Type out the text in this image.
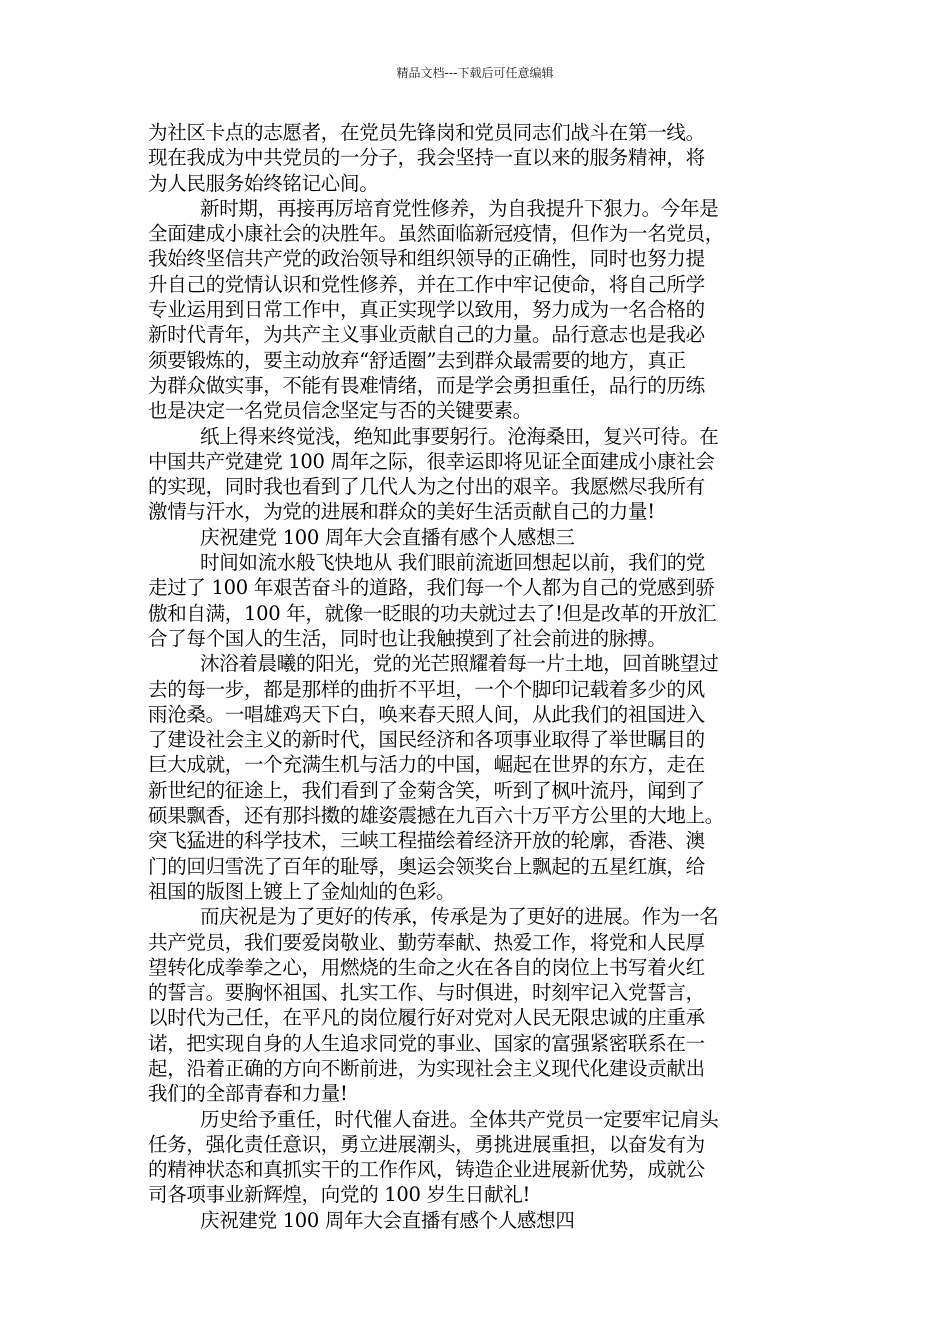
精品文档---下载后可任意编辑
为社区卡点的志愿者，在党员先锋岗和党员同志们战斗在第一线。
现在我成为中共党员的一分子，我会坚持一直以来的服务精神，将
为人民服务始终铭记心间。
新时期，再接再厉培育党性修养，为自我提升下狠力。今年是
全面建成小康社会的决胜年。虽然面临新冠疫情，但作为一名党员，
我始终坚信共产党的政治领导和组织领导的正确性，同时也努力提
升自己的党情认识和党性修养，并在工作中牢记使命，将自己所学
专业运用到日常工作中，真正实现学以致用，努力成为一名合格的
新时代青年，为共产主义事业贡献自己的力量。品行意志也是我必
须要锻炼的，要主动放弃“舒适圈”去到群众最需要的地方，真正
为群众做实事，不能有畏难情绪，而是学会勇担重任，品行的历练
也是决定一名党员信念坚定与否的关键要素。
纸上得来终觉浅，绝知此事要躬行。沧海桑田，复兴可待。在
中国共产党建党 100 周年之际，很幸运即将见证全面建成小康社会
的实现，同时我也看到了几代人为之付出的艰辛。我愿燃尽我所有
激情与汗水，为党的进展和群众的美好生活贡献自己的力量!
庆祝建党 100 周年大会直播有感个人感想三
时间如流水般飞快地从 我们眼前流逝回想起以前，我们的党
走过了 100 年艰苦奋斗的道路，我们每一个人都为自己的党感到骄
傲和自满，100 年，就像一眨眼的功夫就过去了!但是改革的开放汇
合了每个国人的生活，同时也让我触摸到了社会前进的脉搏。
沐浴着晨曦的阳光，党的光芒照耀着每一片土地，回首眺望过
去的每一步，都是那样的曲折不平坦，一个个脚印记载着多少的风
雨沧桑。一唱雄鸡天下白，唤来春天照人间，从此我们的祖国进入
了建设社会主义的新时代，国民经济和各项事业取得了举世瞩目的
巨大成就，一个充满生机与活力的中国，崛起在世界的东方，走在
新世纪的征途上，我们看到了金菊含笑，听到了枫叶流丹，闻到了
硕果飘香，还有那抖擞的雄姿震撼在九百六十万平方公里的大地上。
突飞猛进的科学技术，三峡工程描绘着经济开放的轮廓，香港、澳
门的回归雪洗了百年的耻辱，奥运会领奖台上飘起的五星红旗，给
祖国的版图上镀上了金灿灿的色彩。
而庆祝是为了更好的传承，传承是为了更好的进展。作为一名
共产党员，我们要爱岗敬业、勤劳奉献、热爱工作，将党和人民厚
望转化成拳拳之心，用燃烧的生命之火在各自的岗位上书写着火红
的誓言。要胸怀祖国、扎实工作、与时俱进，时刻牢记入党誓言，
以时代为己任，在平凡的岗位履行好对党对人民无限忠诚的庄重承
诺，把实现自身的人生追求同党的事业、国家的富强紧密联系在一
起，沿着正确的方向不断前进，为实现社会主义现代化建设贡献出
我们的全部青春和力量!
历史给予重任，时代催人奋进。全体共产党员一定要牢记肩头
任务，强化责任意识，勇立进展潮头，勇挑进展重担，以奋发有为
的精神状态和真抓实干的工作作风，铸造企业进展新优势，成就公
司各项事业新辉煌，向党的 100 岁生日献礼!
庆祝建党 100 周年大会直播有感个人感想四
